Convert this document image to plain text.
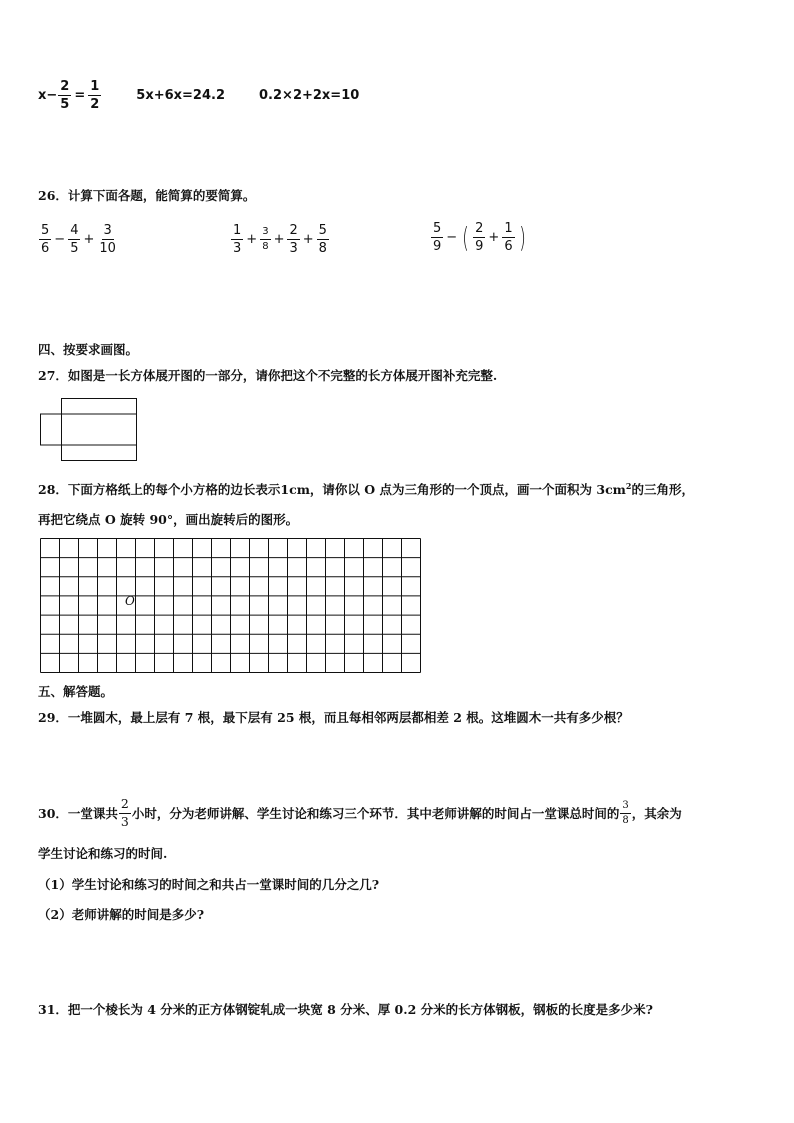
$x- \frac{2}{5} = \frac{1}{2}$	5x+6x=24.2	0.2×2+2x=10
26．计算下面各题，能简算的要简算。
$\frac{5}{6} - \frac{4}{5} + \frac{3}{10}$	$\frac{1}{3} + \frac{3}{8} + \frac{2}{3} + \frac{5}{8}$	$\frac{5}{9}$ − ( $\frac{2}{9} + \frac{1}{6}$ )
四、按要求画图。
27．如图是一长方体展开图的一部分，请你把这个不完整的长方体展开图补充完整.
28．下面方格纸上的每个小方格的边长表示1cm，请你以 O 点为三角形的一个顶点，画一个面积为 $3cm^2$的三角形，
再把它绕点 O 旋转 90°，画出旋转后的图形。
O
五、解答题。
29．一堆圆木，最上层有 7 根，最下层有 25 根，而且每相邻两层都相差 2 根。这堆圆木一共有多少根？
30．一堂课共 $\frac{2}{3}$ 小时，分为老师讲解、学生讨论和练习三个环节．其中老师讲解的时间占一堂课总时间的 $\frac{3}{8}$ ，其余为
学生讨论和练习的时间.
（1）学生讨论和练习的时间之和共占一堂课时间的几分之几?
（2）老师讲解的时间是多少?
31．把一个棱长为 4 分米的正方体钢锭轧成一块宽 8 分米、厚 0.2 分米的长方体钢板，钢板的长度是多少米?
